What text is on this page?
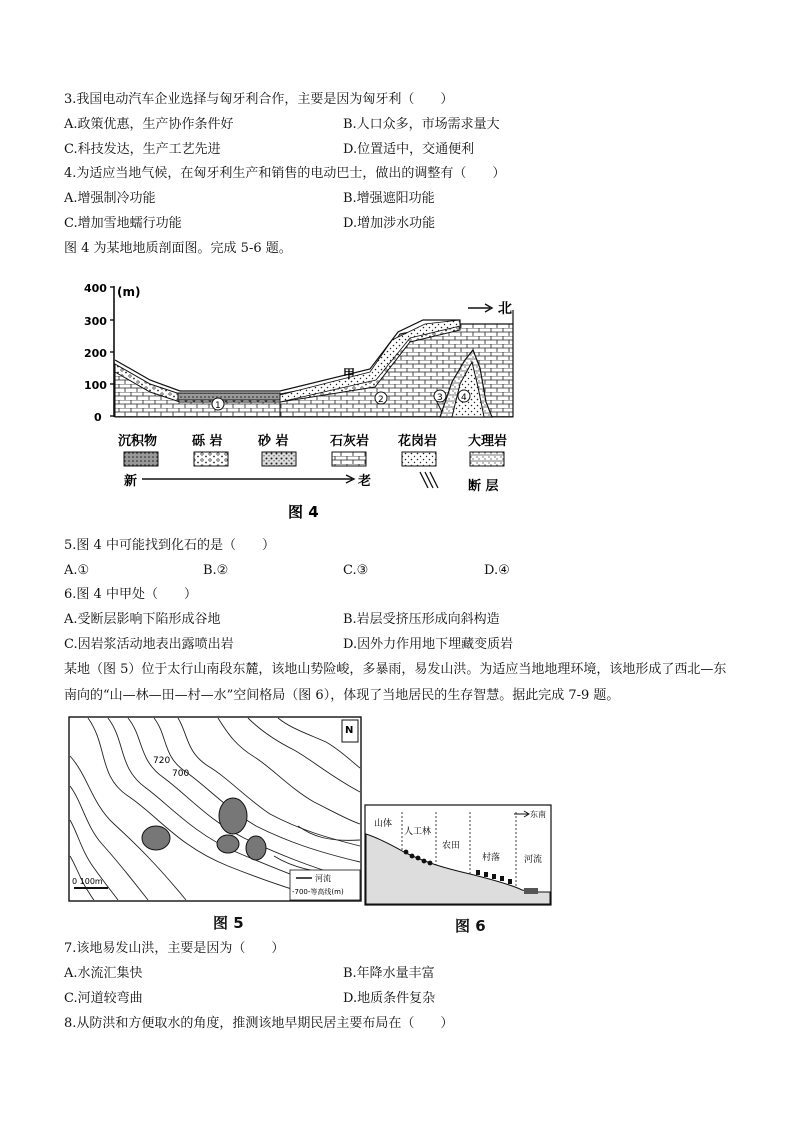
3.我国电动汽车企业选择与匈牙利合作，主要是因为匈牙利（　　）
A.政策优惠，生产协作条件好	B.人口众多，市场需求量大
C.科技发达，生产工艺先进	D.位置适中，交通便利
4.为适应当地气候，在匈牙利生产和销售的电动巴士，做出的调整有（　　）
A.增强制冷功能	B.增强遮阳功能
C.增加雪地蠕行功能	D.增加涉水功能
图 4 为某地地质剖面图。完成 5-6 题。
400
300
200
100
0
(m)
北
甲
1
2	3 4
沉积物	砾 岩	砂 岩	石灰岩 花岗岩 大理岩
新	老	断 层
图 4
5.图 4 中可能找到化石的是（　　）
A.①	B.②	C.③	D.④
6.图 4 中甲处（　　）
A.受断层影响下陷形成谷地	B.岩层受挤压形成向斜构造
C.因岩浆活动地表出露喷出岩	D.因外力作用地下埋藏变质岩
某地（图 5）位于太行山南段东麓，该地山势险峻，多暴雨，易发山洪。为适应当地地理环境，该地形成了西北—东南向的“山—林—田—村—水”空间格局（图 6），体现了当地居民的生存智慧。据此完成 7-9 题。
720
700
N
0 100m	河流
-700-等高线(m)
图 5
山体
人工林
农田
村落	河流
东南
图 6
7.该地易发山洪，主要是因为（　　）
A.水流汇集快	B.年降水量丰富
C.河道较弯曲	D.地质条件复杂
8.从防洪和方便取水的角度，推测该地早期民居主要布局在（　　）
